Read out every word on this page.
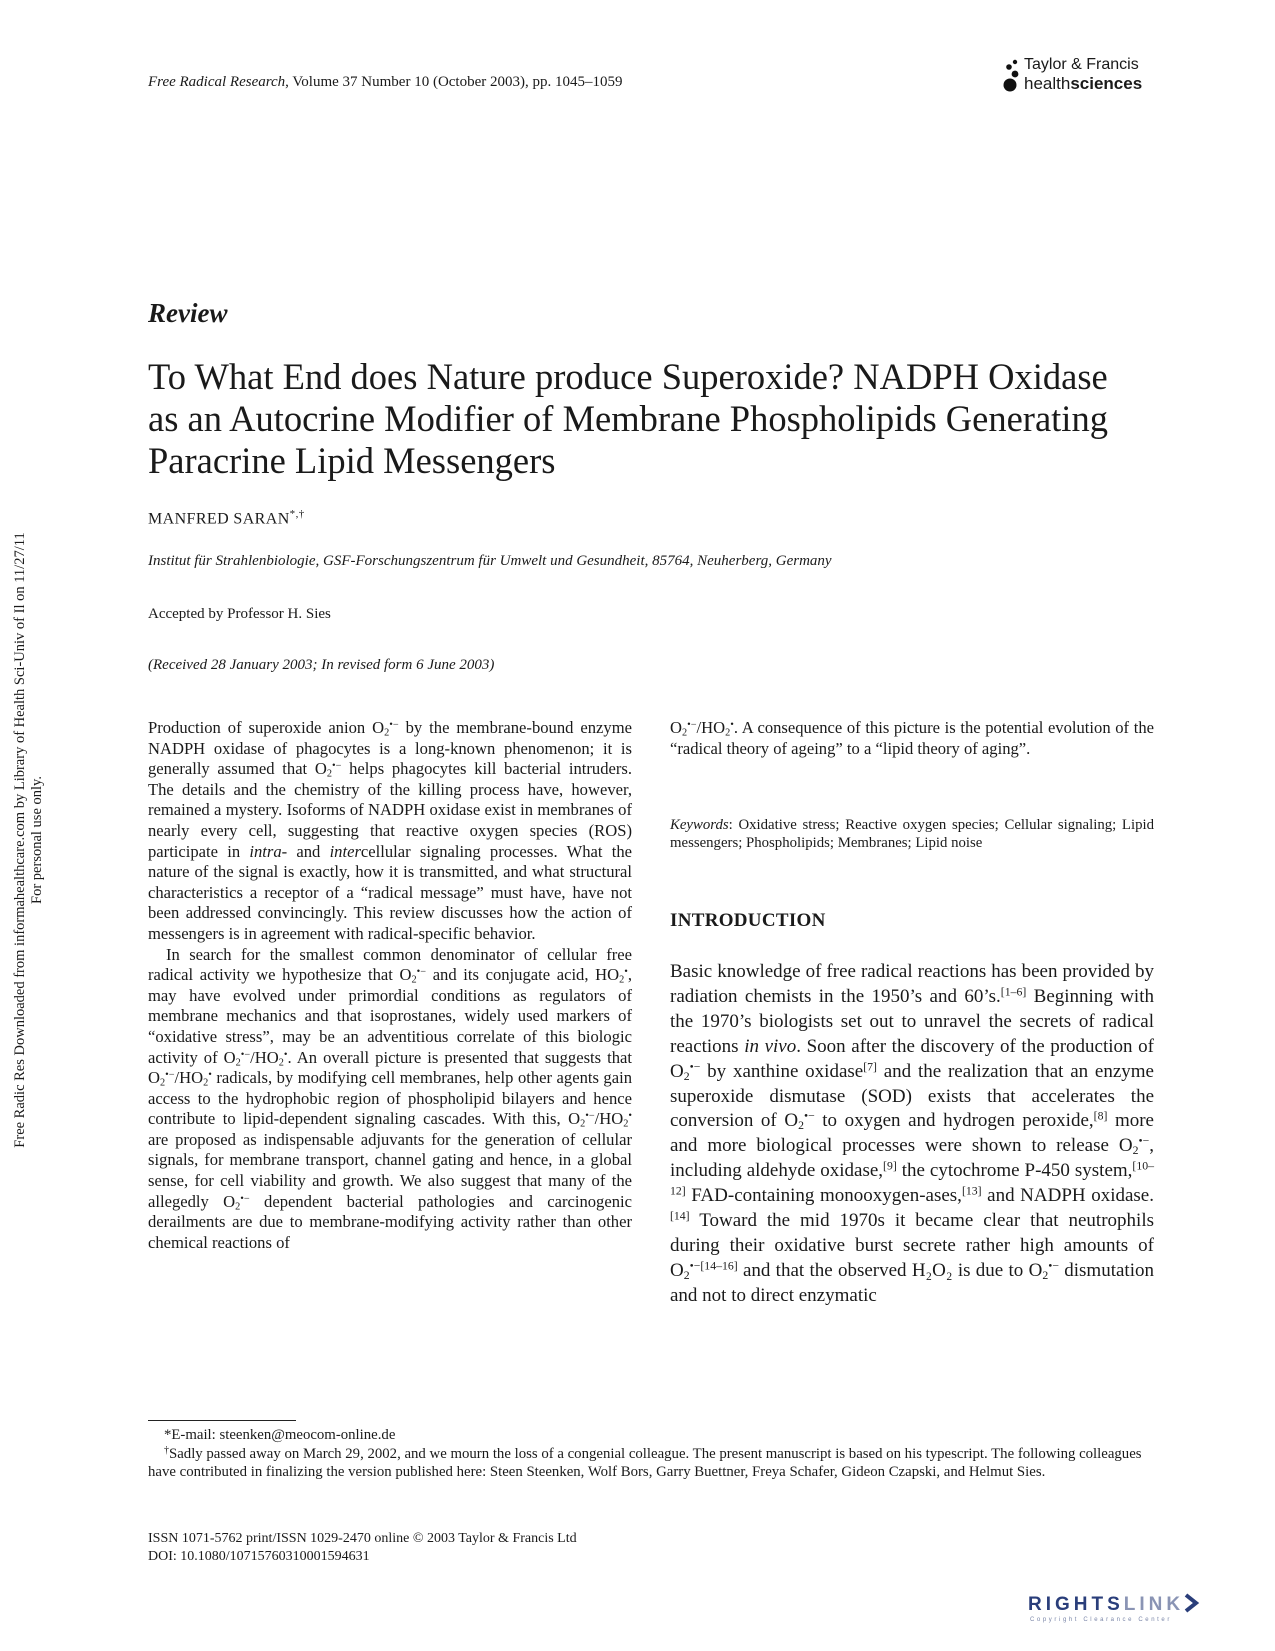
Free Radic Res Downloaded from informahealthcare.com by Library of Health Sci-Univ of Il on 11/27/11 For personal use only.
Free Radical Research, Volume 37 Number 10 (October 2003), pp. 1045–1059
Taylor & Francis
healthsciences
Review
To What End does Nature produce Superoxide? NADPH Oxidase as an Autocrine Modifier of Membrane Phospholipids Generating Paracrine Lipid Messengers
MANFRED SARAN*,†
Institut für Strahlenbiologie, GSF-Forschungszentrum für Umwelt und Gesundheit, 85764, Neuherberg, Germany
Accepted by Professor H. Sies
(Received 28 January 2003; In revised form 6 June 2003)

Production of superoxide anion $O_2^{•-}$ by the membrane-bound enzyme NADPH oxidase of phagocytes is a long-known phenomenon; it is generally assumed that $O_2^{•-}$ helps phagocytes kill bacterial intruders. The details and the chemistry of the killing process have, however, remained a mystery. Isoforms of NADPH oxidase exist in membranes of nearly every cell, suggesting that reactive oxygen species (ROS) participate in intra- and intercellular signaling processes. What the nature of the signal is exactly, how it is transmitted, and what structural characteristics a receptor of a “radical message” must have, have not been addressed convincingly. This review discusses how the action of messengers is in agreement with radical-specific behavior.

In search for the smallest common denominator of cellular free radical activity we hypothesize that $O_2^{•-}$ and its conjugate acid, $HO_2^•$, may have evolved under primordial conditions as regulators of membrane mechanics and that isoprostanes, widely used markers of “oxidative stress”, may be an adventitious correlate of this biologic activity of $O_2^{•-}/HO_2^•$. An overall picture is presented that suggests that $O_2^{•-}/HO_2^•$ radicals, by modifying cell membranes, help other agents gain access to the hydrophobic region of phospholipid bilayers and hence contribute to lipid-dependent signaling cascades. With this, $O_2^{•-}/HO_2^•$ are proposed as indispensable adjuvants for the generation of cellular signals, for membrane transport, channel gating and hence, in a global sense, for cell viability and growth. We also suggest that many of the allegedly $O_2^{•-}$ dependent bacterial pathologies and carcinogenic derailments are due to membrane-modifying activity rather than other chemical reactions of

$O_2^{•-}/HO_2^•$. A consequence of this picture is the potential evolution of the “radical theory of ageing” to a “lipid theory of aging”.
Keywords: Oxidative stress; Reactive oxygen species; Cellular signaling; Lipid messengers; Phospholipids; Membranes; Lipid noise
INTRODUCTION
Basic knowledge of free radical reactions has been provided by radiation chemists in the 1950’s and 60’s.[1–6] Beginning with the 1970’s biologists set out to unravel the secrets of radical reactions in vivo. Soon after the discovery of the production of $O_2^{•-}$ by xanthine oxidase[7] and the realization that an enzyme superoxide dismutase (SOD) exists that accelerates the conversion of $O_2^{•-}$ to oxygen and hydrogen peroxide,[8] more and more biological processes were shown to release $O_2^{•-}$, including aldehyde oxidase,[9] the cytochrome P-450 system,[10–12] FAD-containing monooxygen-ases,[13] and NADPH oxidase.[14] Toward the mid 1970s it became clear that neutrophils during their oxidative burst secrete rather high amounts of $O_2^{•-[14-16]}$ and that the observed H₂O₂ is due to $O_2^{•-}$ dismutation and not to direct enzymatic

*E-mail: steenken@meocom-online.de

†Sadly passed away on March 29, 2002, and we mourn the loss of a congenial colleague. The present manuscript is based on his typescript. The following colleagues have contributed in finalizing the version published here: Steen Steenken, Wolf Bors, Garry Buettner, Freya Schafer, Gideon Czapski, and Helmut Sies.

ISSN 1071-5762 print/ISSN 1029-2470 online © 2003 Taylor & Francis Ltd
DOI: 10.1080/10715760310001594631
RIGHTSLINK
Copyright Clearance Center
